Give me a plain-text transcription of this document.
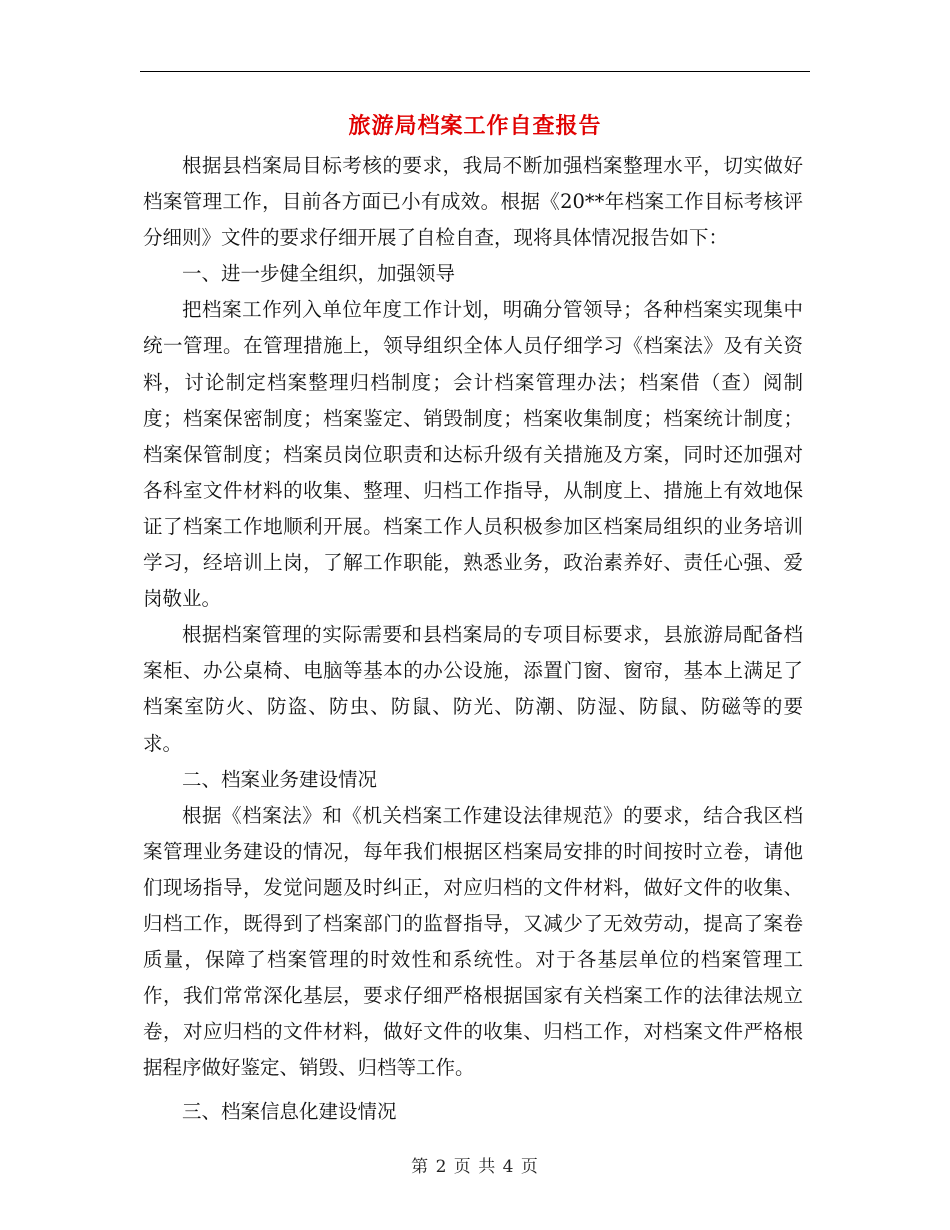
旅游局档案工作自查报告

根据县档案局目标考核的要求，我局不断加强档案整理水平，切实做好档案管理工作，目前各方面已小有成效。根据《20**年档案工作目标考核评分细则》文件的要求仔细开展了自检自查，现将具体情况报告如下：

一、进一步健全组织，加强领导

把档案工作列入单位年度工作计划，明确分管领导；各种档案实现集中统一管理。在管理措施上，领导组织全体人员仔细学习《档案法》及有关资料，讨论制定档案整理归档制度；会计档案管理办法；档案借（查）阅制度；档案保密制度；档案鉴定、销毁制度；档案收集制度；档案统计制度；档案保管制度；档案员岗位职责和达标升级有关措施及方案，同时还加强对各科室文件材料的收集、整理、归档工作指导，从制度上、措施上有效地保证了档案工作地顺利开展。档案工作人员积极参加区档案局组织的业务培训学习，经培训上岗，了解工作职能，熟悉业务，政治素养好、责任心强、爱岗敬业。

根据档案管理的实际需要和县档案局的专项目标要求，县旅游局配备档案柜、办公桌椅、电脑等基本的办公设施，添置门窗、窗帘，基本上满足了档案室防火、防盗、防虫、防鼠、防光、防潮、防湿、防鼠、防磁等的要求。

二、档案业务建设情况

根据《档案法》和《机关档案工作建设法律规范》的要求，结合我区档案管理业务建设的情况，每年我们根据区档案局安排的时间按时立卷，请他们现场指导，发觉问题及时纠正，对应归档的文件材料，做好文件的收集、归档工作，既得到了档案部门的监督指导，又减少了无效劳动，提高了案卷质量，保障了档案管理的时效性和系统性。对于各基层单位的档案管理工作，我们常常深化基层，要求仔细严格根据国家有关档案工作的法律法规立卷，对应归档的文件材料，做好文件的收集、归档工作，对档案文件严格根据程序做好鉴定、销毁、归档等工作。

三、档案信息化建设情况

第 2 页 共 4 页
